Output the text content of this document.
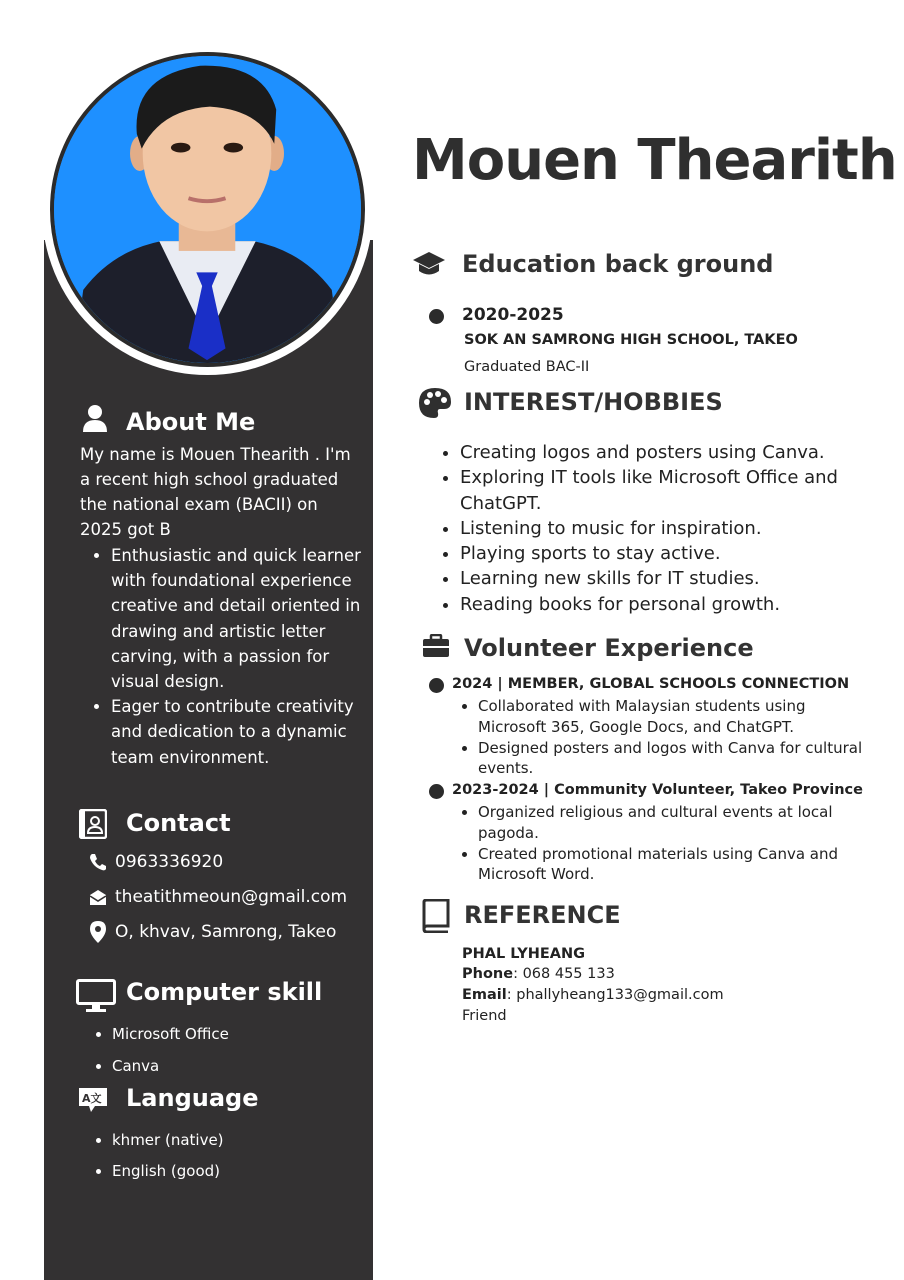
About Me
My name is Mouen Thearith . I'm a recent high school graduated the national exam (BACII) on 2025 got B
• Enthusiastic and quick learner with foundational experience creative and detail oriented in drawing and artistic letter carving, with a passion for visual design.
• Eager to contribute creativity and dedication to a dynamic team environment.
Contact
0963336920
theatithmeoun@gmail.com
O, khvav, Samrong, Takeo
Computer skill
• Microsoft Office
• Canva
A文 Language
• khmer (native)
• English (good)
Mouen Thearith
Education back ground
2020-2025
SOK AN SAMRONG HIGH SCHOOL, TAKEO
Graduated BAC-II
INTEREST/HOBBIES
• Creating logos and posters using Canva.
• Exploring IT tools like Microsoft Office and ChatGPT.
• Listening to music for inspiration.
• Playing sports to stay active.
• Learning new skills for IT studies.
• Reading books for personal growth.
Volunteer Experience
2024 | MEMBER, GLOBAL SCHOOLS CONNECTION
• Collaborated with Malaysian students using Microsoft 365, Google Docs, and ChatGPT.
• Designed posters and logos with Canva for cultural events.
2023-2024 | Community Volunteer, Takeo Province
• Organized religious and cultural events at local pagoda.
• Created promotional materials using Canva and Microsoft Word.
REFERENCE
PHAL LYHEANG
Phone: 068 455 133
Email: phallyheang133@gmail.com
Friend
